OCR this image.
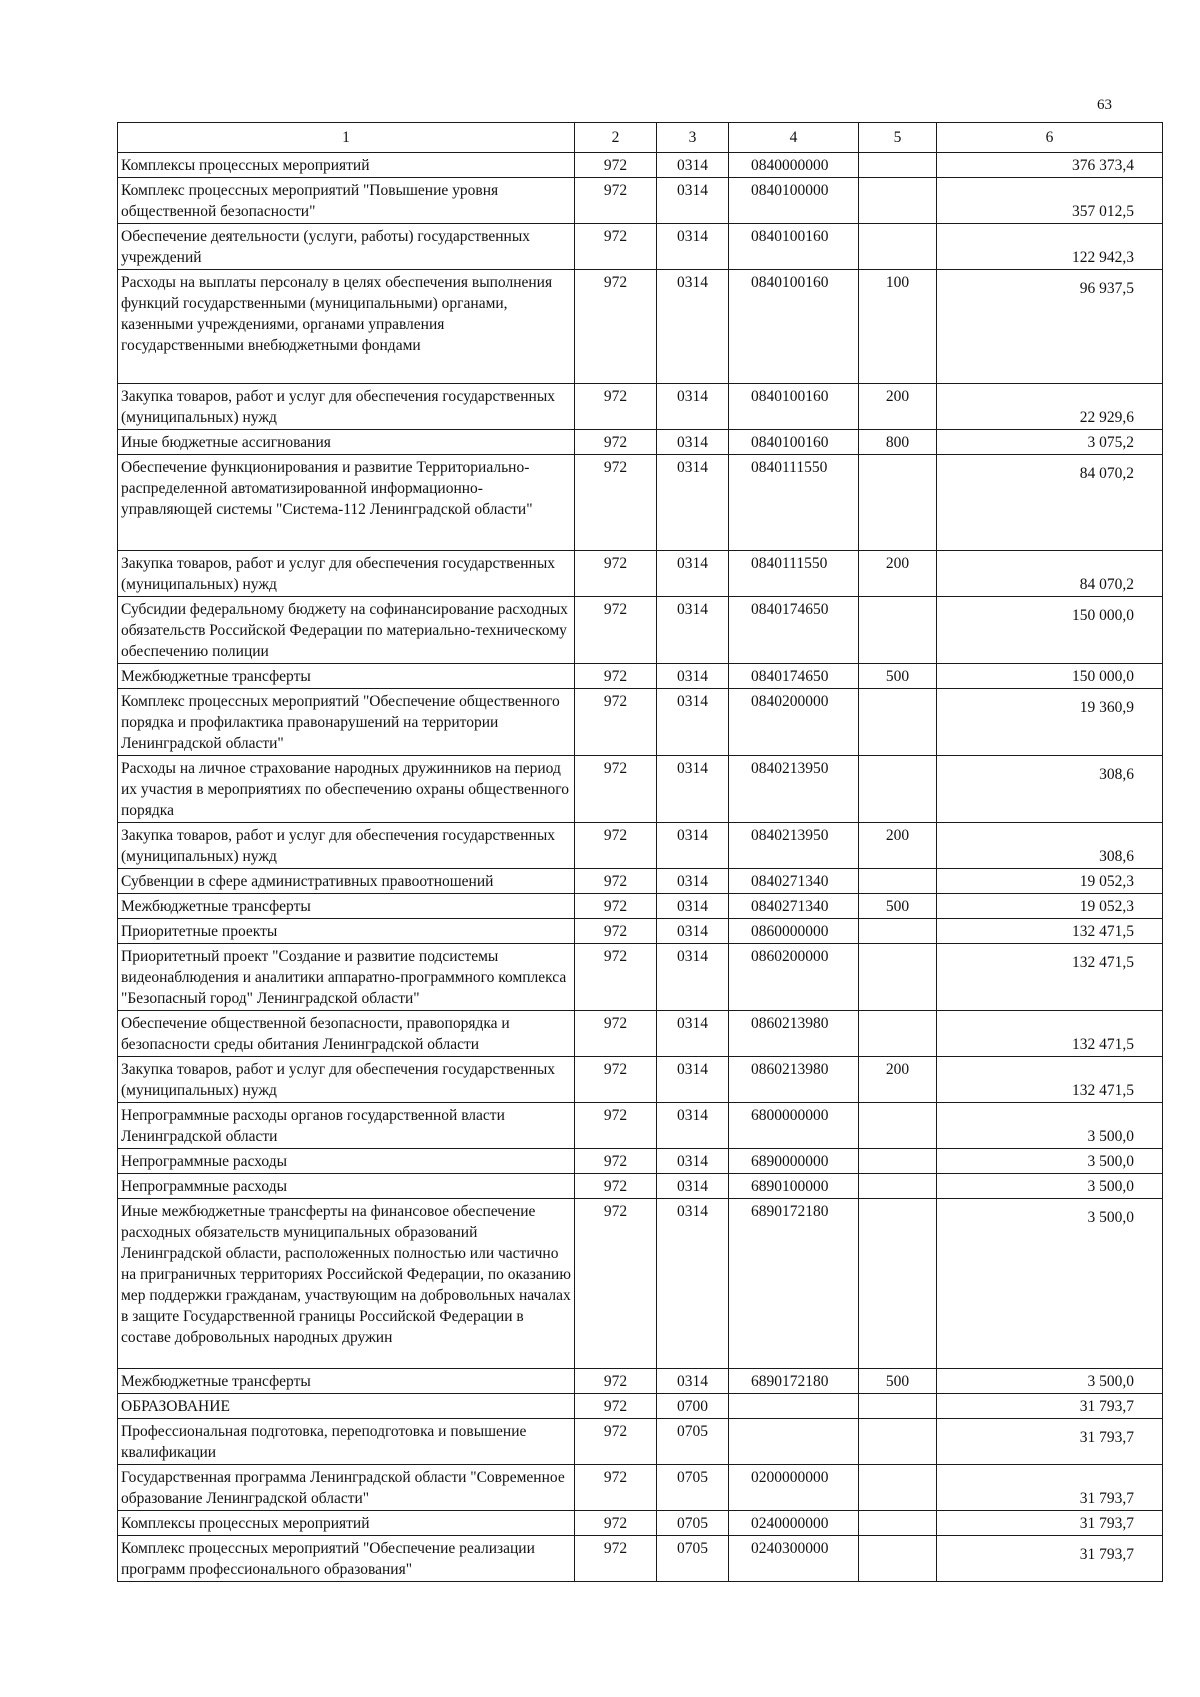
63
1	2	3	4	5	6
Комплексы процессных мероприятий	972	0314	0840000000		376 373,4
Комплекс процессных мероприятий "Повышение уровня общественной безопасности"	972	0314	0840100000		357 012,5
Обеспечение деятельности (услуги, работы) государственных учреждений	972	0314	0840100160		122 942,3
Расходы на выплаты персоналу в целях обеспечения выполнения функций государственными (муниципальными) органами, казенными учреждениями, органами управления государственными внебюджетными фондами	972	0314	0840100160	100	96 937,5
Закупка товаров, работ и услуг для обеспечения государственных (муниципальных) нужд	972	0314	0840100160	200	22 929,6
Иные бюджетные ассигнования	972	0314	0840100160	800	3 075,2
Обеспечение функционирования и развитие Территориально-распределенной автоматизированной информационно-управляющей системы "Система-112 Ленинградской области"	972	0314	0840111550		84 070,2
Закупка товаров, работ и услуг для обеспечения государственных (муниципальных) нужд	972	0314	0840111550	200	84 070,2
Субсидии федеральному бюджету на софинансирование расходных обязательств Российской Федерации по материально-техническому обеспечению полиции	972	0314	0840174650		150 000,0
Межбюджетные трансферты	972	0314	0840174650	500	150 000,0
Комплекс процессных мероприятий "Обеспечение общественного порядка и профилактика правонарушений на территории Ленинградской области"	972	0314	0840200000		19 360,9
Расходы на личное страхование народных дружинников на период их участия в мероприятиях по обеспечению охраны общественного порядка	972	0314	0840213950		308,6
Закупка товаров, работ и услуг для обеспечения государственных (муниципальных) нужд	972	0314	0840213950	200	308,6
Субвенции в сфере административных правоотношений	972	0314	0840271340		19 052,3
Межбюджетные трансферты	972	0314	0840271340	500	19 052,3
Приоритетные проекты	972	0314	0860000000		132 471,5
Приоритетный проект "Создание и развитие подсистемы видеонаблюдения и аналитики аппаратно-программного комплекса "Безопасный город" Ленинградской области"	972	0314	0860200000		132 471,5
Обеспечение общественной безопасности, правопорядка и безопасности среды обитания Ленинградской области	972	0314	0860213980		132 471,5
Закупка товаров, работ и услуг для обеспечения государственных (муниципальных) нужд	972	0314	0860213980	200	132 471,5
Непрограммные расходы органов государственной власти Ленинградской области	972	0314	6800000000		3 500,0
Непрограммные расходы	972	0314	6890000000		3 500,0
Непрограммные расходы	972	0314	6890100000		3 500,0
Иные межбюджетные трансферты на финансовое обеспечение расходных обязательств муниципальных образований Ленинградской области, расположенных полностью или частично на приграничных территориях Российской Федерации, по оказанию мер поддержки гражданам, участвующим на добровольных началах в защите Государственной границы Российской Федерации в составе добровольных народных дружин	972	0314	6890172180		3 500,0
Межбюджетные трансферты	972	0314	6890172180	500	3 500,0
ОБРАЗОВАНИЕ	972	0700			31 793,7
Профессиональная подготовка, переподготовка и повышение квалификации	972	0705			31 793,7
Государственная программа Ленинградской области "Современное образование Ленинградской области"	972	0705	0200000000		31 793,7
Комплексы процессных мероприятий	972	0705	0240000000		31 793,7
Комплекс процессных мероприятий "Обеспечение реализации программ профессионального образования"	972	0705	0240300000		31 793,7
